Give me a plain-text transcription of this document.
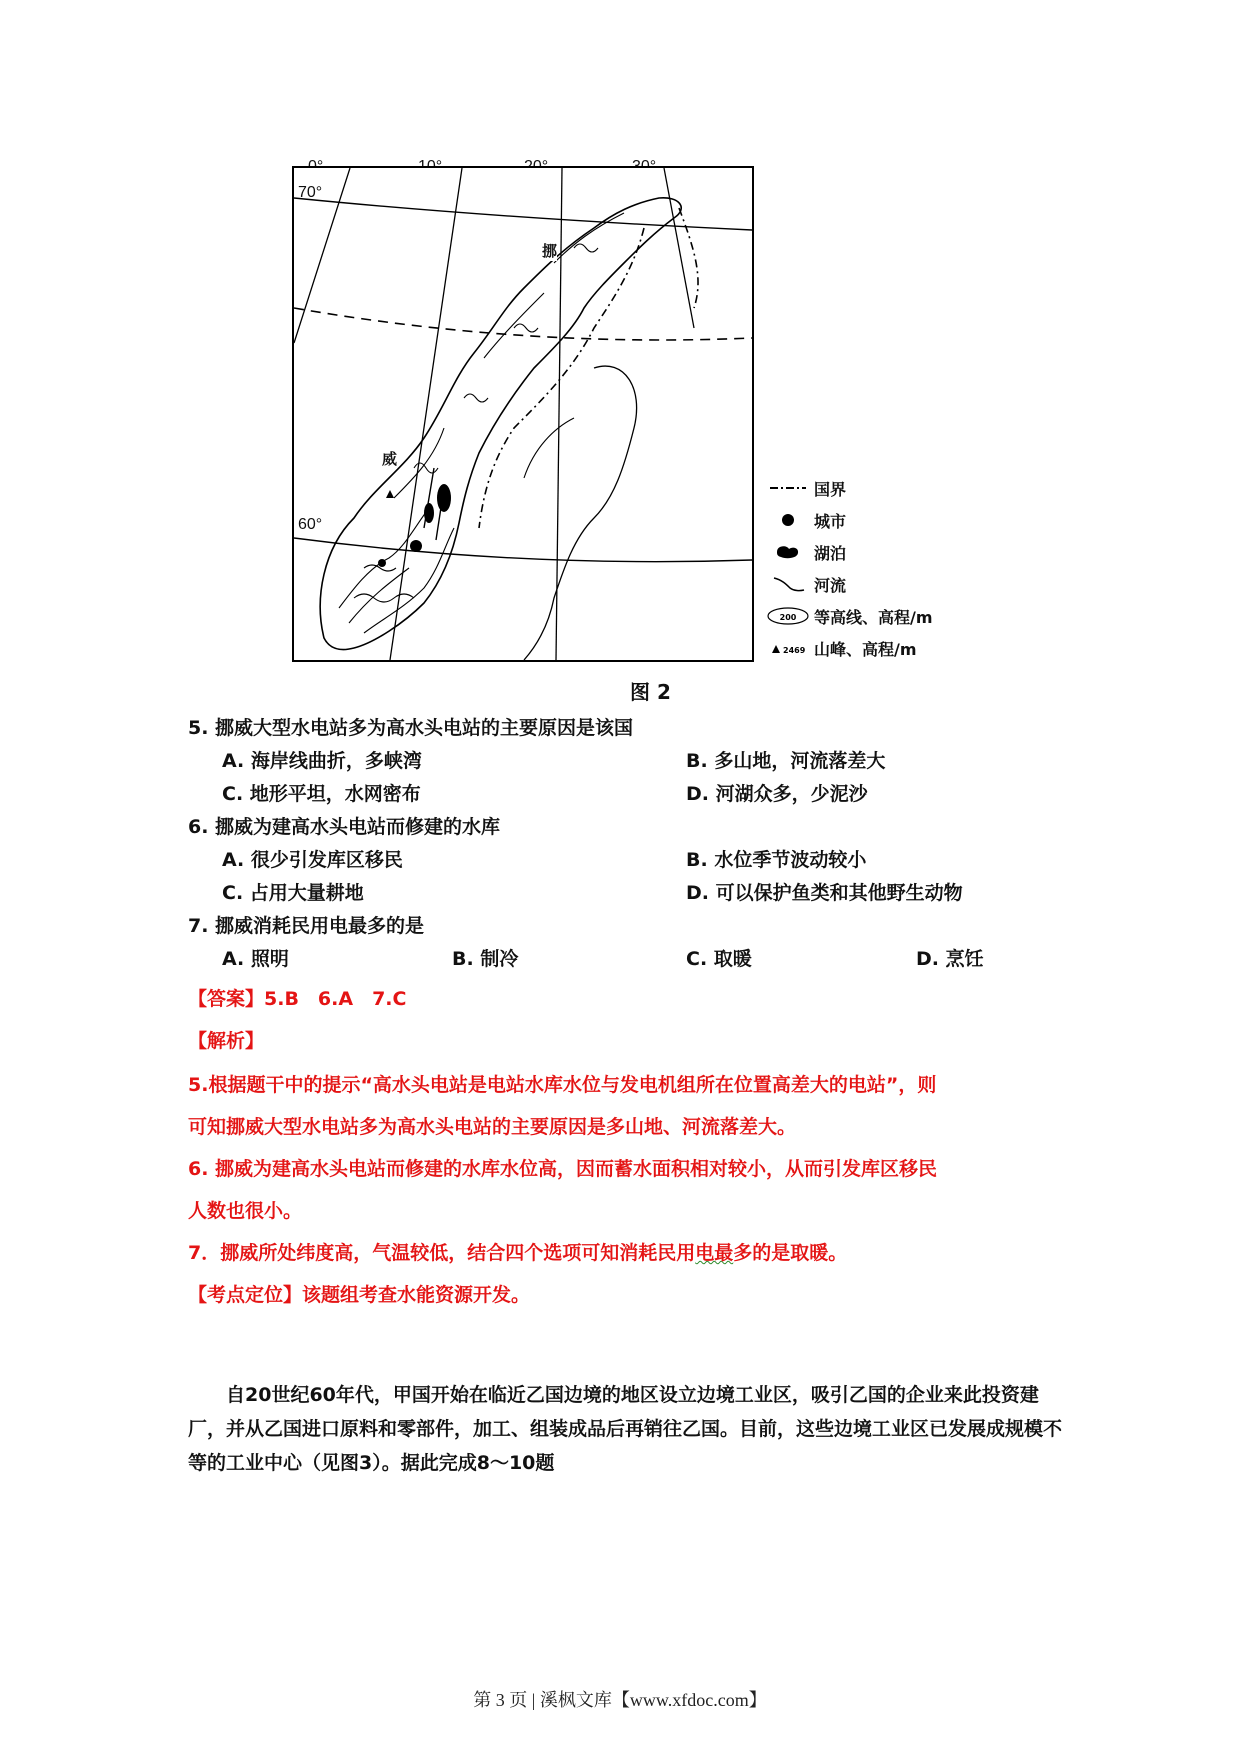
70°
60°
挪
威
国界
城市
湖泊
河流
200 等高线、高程/m
2469 山峰、高程/m
图 2
5. 挪威大型水电站多为高水头电站的主要原因是该国
A. 海岸线曲折，多峡湾	B. 多山地，河流落差大
C. 地形平坦，水网密布	D. 河湖众多，少泥沙
6. 挪威为建高水头电站而修建的水库
A. 很少引发库区移民	B. 水位季节波动较小
C. 占用大量耕地	D. 可以保护鱼类和其他野生动物
7. 挪威消耗民用电最多的是
A. 照明	B. 制冷	C. 取暖	D. 烹饪
【答案】5.B　6.A　7.C
【解析】
5.根据题干中的提示“高水头电站是电站水库水位与发电机组所在位置高差大的电站”，则
可知挪威大型水电站多为高水头电站的主要原因是多山地、河流落差大。
6. 挪威为建高水头电站而修建的水库水位高，因而蓄水面积相对较小，从而引发库区移民
人数也很小。
7．挪威所处纬度高，气温较低，结合四个选项可知消耗民用电最多的是取暖。
【考点定位】该题组考查水能资源开发。
自20世纪60年代，甲国开始在临近乙国边境的地区设立边境工业区，吸引乙国的企业来此投资建厂，并从乙国进口原料和零部件，加工、组装成品后再销往乙国。目前，这些边境工业区已发展成规模不等的工业中心（见图3）。据此完成8～10题
第 3 页 | 溪枫文库【www.xfdoc.com】
